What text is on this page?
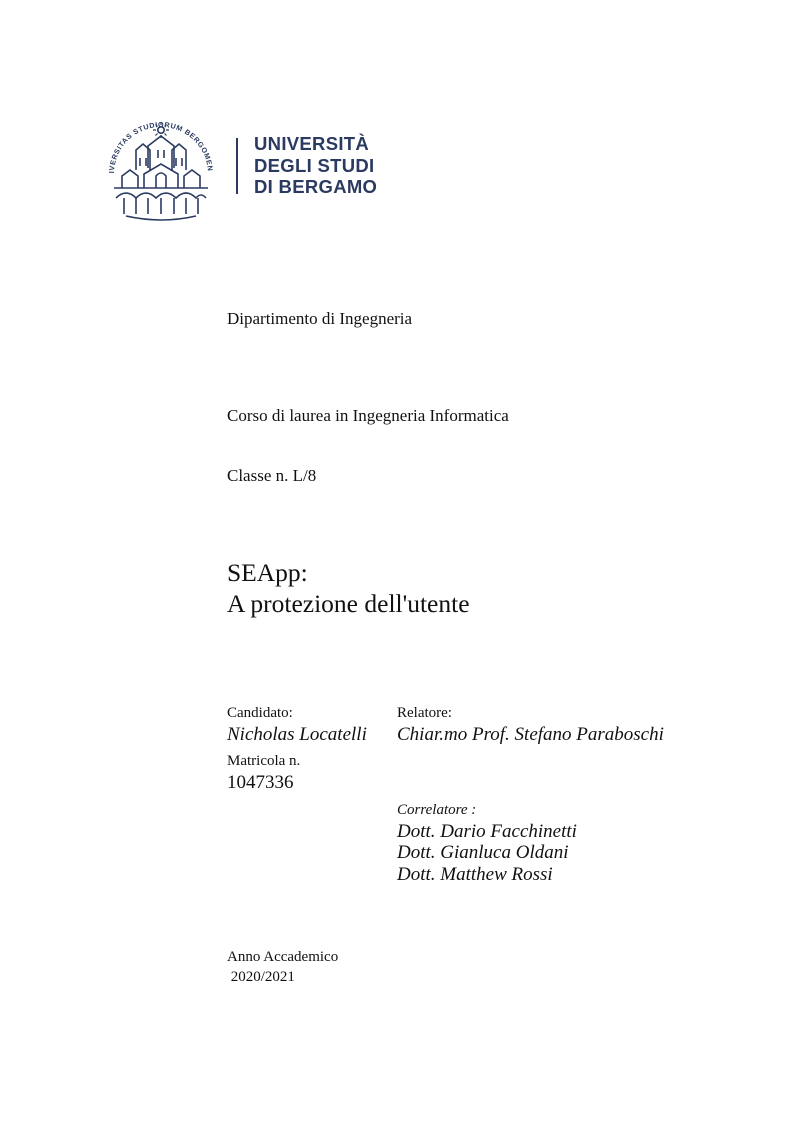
IVERSITAS STUDIORUM BERGOMEN
UNIVERSITÀ
DEGLI STUDI
DI BERGAMO
Dipartimento di Ingegneria
Corso di laurea in Ingegneria Informatica
Classe n. L/8
SEApp:
A protezione dell'utente
Candidato:
Nicholas Locatelli
Matricola n.
1047336
Relatore:
Chiar.mo Prof. Stefano Paraboschi
Correlatore :
Dott. Dario Facchinetti
Dott. Gianluca Oldani
Dott. Matthew Rossi
Anno Accademico
2020/2021
